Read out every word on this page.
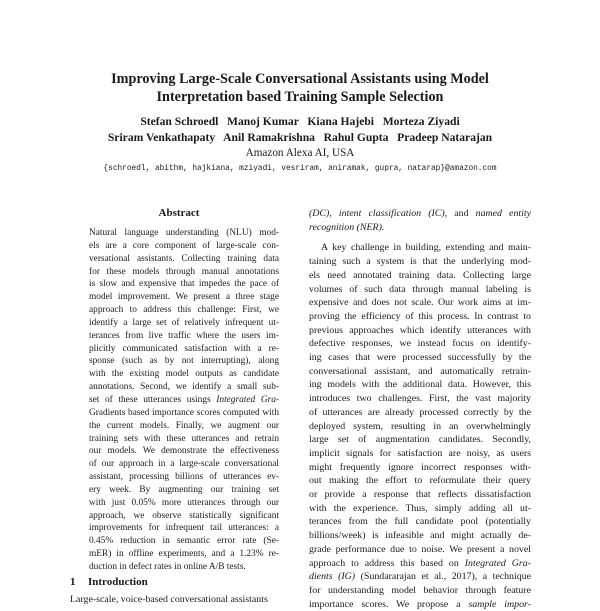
Improving Large-Scale Conversational Assistants using Model
Interpretation based Training Sample Selection
Stefan Schroedl   Manoj Kumar   Kiana Hajebi   Morteza Ziyadi
Sriram Venkathapaty   Anil Ramakrishna   Rahul Gupta   Pradeep Natarajan
Amazon Alexa AI, USA
{schroedl, abithm, hajkiana, mziyadi, vesriram, aniramak, gupra, natarap}@amazon.com
Abstract
Natural language understanding (NLU) mod-
els are a core component of large-scale con-
versational assistants. Collecting training data
for these models through manual annotations
is slow and expensive that impedes the pace of
model improvement. We present a three stage
approach to address this challenge: First, we
identify a large set of relatively infrequent ut-
terances from live traffic where the users im-
plicitly communicated satisfaction with a re-
sponse (such as by not interrupting), along
with the existing model outputs as candidate
annotations. Second, we identify a small sub-
set of these utterances usings Integrated Gra-
Gradients based importance scores computed with
the current models. Finally, we augment our
training sets with these utterances and retrain
our models. We demonstrate the effectiveness
of our approach in a large-scale conversational
assistant, processing billions of utterances ev-
ery week. By augmenting our training set
with just 0.05% more utterances through our
approach, we observe statistically significant
improvements for infrequent tail utterances: a
0.45% reduction in semantic error rate (Se-
mER) in offline experiments, and a 1.23% re-
duction in defect rates in online A/B tests.
1 Introduction
Large-scale, voice-based conversational assistants
(DC), intent classification (IC), and named entity
recognition (NER).
A key challenge in building, extending and main-
taining such a system is that the underlying mod-
els need annotated training data. Collecting large
volumes of such data through manual labeling is
expensive and does not scale. Our work aims at im-
proving the efficiency of this process. In contrast to
previous approaches which identify utterances with
defective responses, we instead focus on identify-
ing cases that were processed successfully by the
conversational assistant, and automatically retrain-
ing models with the additional data. However, this
introduces two challenges. First, the vast majority
of utterances are already processed correctly by the
deployed system, resulting in an overwhelmingly
large set of augmentation candidates. Secondly,
implicit signals for satisfaction are noisy, as users
might frequently ignore incorrect responses with-
out making the effort to reformulate their query
or provide a response that reflects dissatisfaction
with the experience. Thus, simply adding all ut-
terances from the full candidate pool (potentially
billions/week) is infeasible and might actually de-
grade performance due to noise. We present a novel
approach to address this based on Integrated Gra-
dients (IG) (Sundararajan et al., 2017), a technique
for understanding model behavior through feature
importance scores. We propose a sample impor-
